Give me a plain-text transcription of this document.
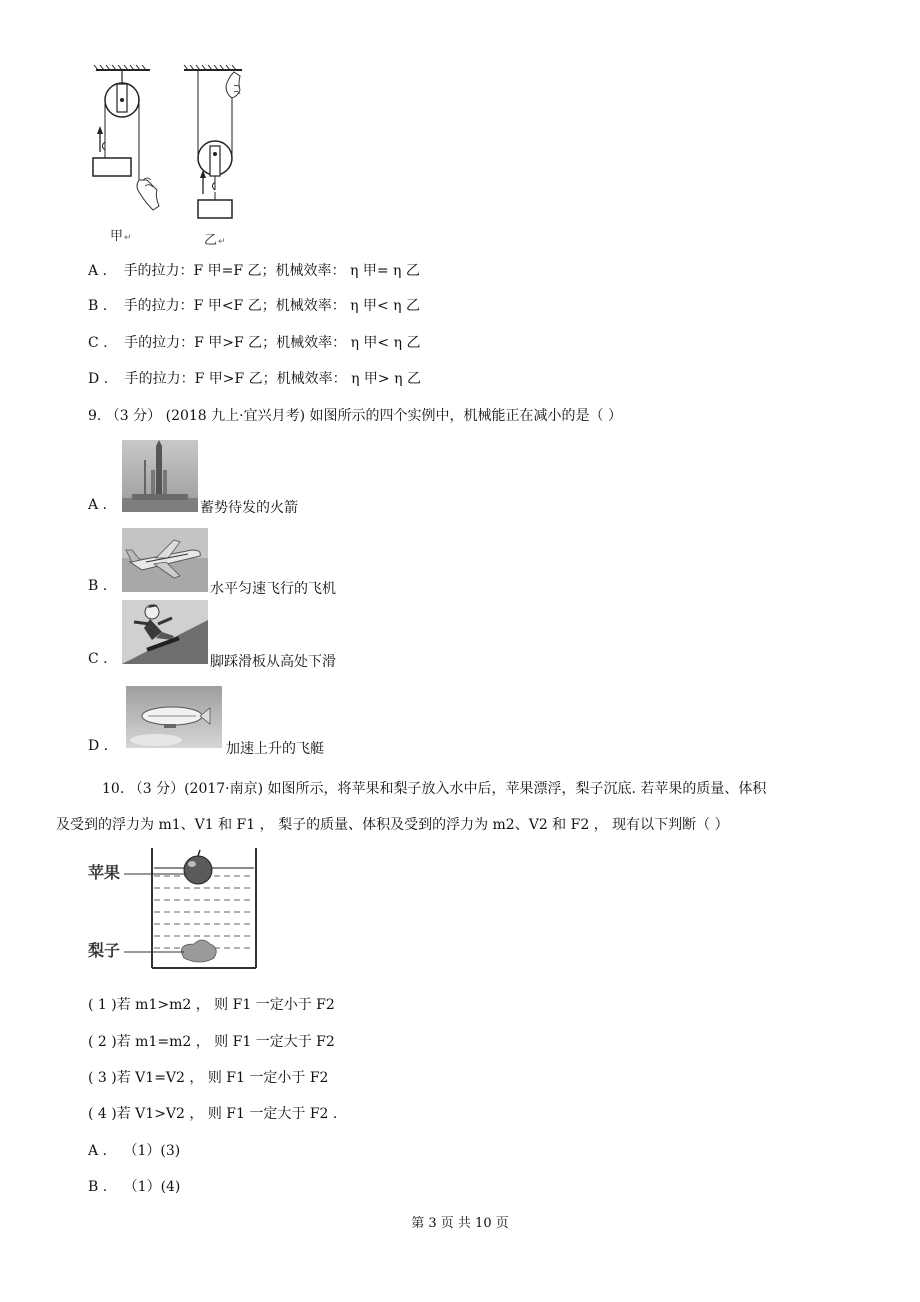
甲 ↵	乙 ↵
A . 手的拉力：F 甲=F 乙；机械效率： η 甲= η 乙
B . 手的拉力：F 甲<F 乙；机械效率： η 甲< η 乙
C . 手的拉力：F 甲>F 乙；机械效率： η 甲< η 乙
D . 手的拉力：F 甲>F 乙；机械效率： η 甲> η 乙
9. （3 分） (2018 九上·宜兴月考) 如图所示的四个实例中，机械能正在减小的是（ ）
A .	蓄势待发的火箭
B .	水平匀速飞行的飞机
C .	脚踩滑板从高处下滑
D .	加速上升的飞艇
10. （3 分）(2017·南京) 如图所示，将苹果和梨子放入水中后，苹果漂浮，梨子沉底. 若苹果的质量、体积
及受到的浮力为 m1、V1 和 F1 ， 梨子的质量、体积及受到的浮力为 m2、V2 和 F2 ， 现有以下判断（ ）
苹果
梨子
( 1 )若 m1>m2 ， 则 F1 一定小于 F2
( 2 )若 m1=m2 ， 则 F1 一定大于 F2
( 3 )若 V1=V2 ， 则 F1 一定小于 F2
( 4 )若 V1>V2 ， 则 F1 一定大于 F2 .
A . （1）(3)
B . （1）(4)
第 3 页 共 10 页
